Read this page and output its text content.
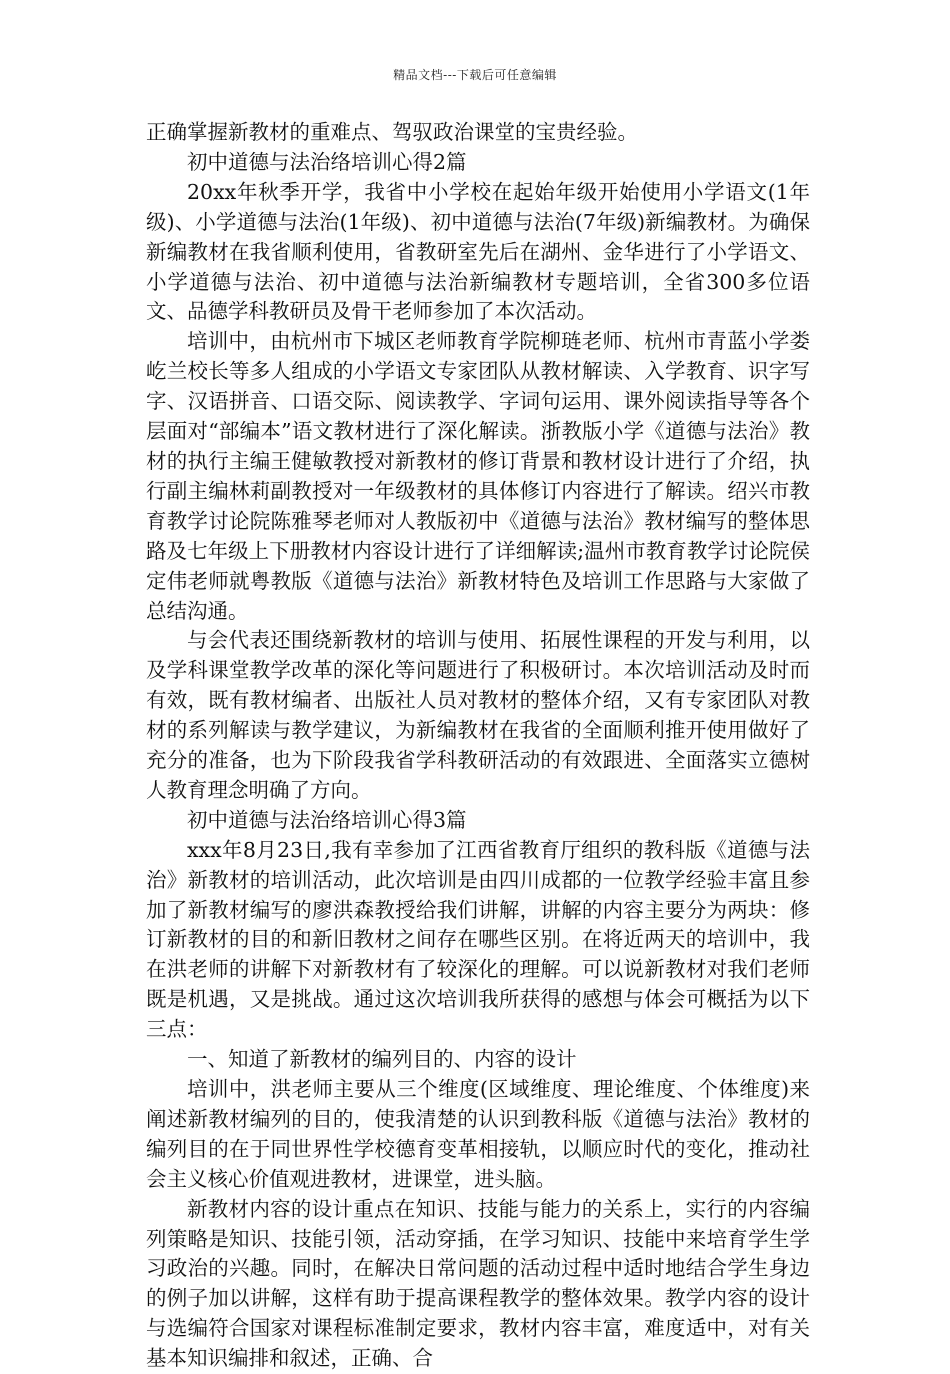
精品文档---下载后可任意编辑

正确掌握新教材的重难点、驾驭政治课堂的宝贵经验。

初中道德与法治络培训心得2篇

20xx年秋季开学，我省中小学校在起始年级开始使用小学语文(1年级)、小学道德与法治(1年级)、初中道德与法治(7年级)新编教材。为确保新编教材在我省顺利使用，省教研室先后在湖州、金华进行了小学语文、小学道德与法治、初中道德与法治新编教材专题培训，全省300多位语文、品德学科教研员及骨干老师参加了本次活动。

培训中，由杭州市下城区老师教育学院柳琏老师、杭州市青蓝小学娄屹兰校长等多人组成的小学语文专家团队从教材解读、入学教育、识字写字、汉语拼音、口语交际、阅读教学、字词句运用、课外阅读指导等各个层面对“部编本”语文教材进行了深化解读。浙教版小学《道德与法治》教材的执行主编王健敏教授对新教材的修订背景和教材设计进行了介绍，执行副主编林莉副教授对一年级教材的具体修订内容进行了解读。绍兴市教育教学讨论院陈雅琴老师对人教版初中《道德与法治》教材编写的整体思路及七年级上下册教材内容设计进行了详细解读;温州市教育教学讨论院侯定伟老师就粤教版《道德与法治》新教材特色及培训工作思路与大家做了总结沟通。

与会代表还围绕新教材的培训与使用、拓展性课程的开发与利用，以及学科课堂教学改革的深化等问题进行了积极研讨。本次培训活动及时而有效，既有教材编者、出版社人员对教材的整体介绍，又有专家团队对教材的系列解读与教学建议，为新编教材在我省的全面顺利推开使用做好了充分的准备，也为下阶段我省学科教研活动的有效跟进、全面落实立德树人教育理念明确了方向。

初中道德与法治络培训心得3篇

xxx年8月23日,我有幸参加了江西省教育厅组织的教科版《道德与法治》新教材的培训活动，此次培训是由四川成都的一位教学经验丰富且参加了新教材编写的廖洪森教授给我们讲解，讲解的内容主要分为两块：修订新教材的目的和新旧教材之间存在哪些区别。在将近两天的培训中，我在洪老师的讲解下对新教材有了较深化的理解。可以说新教材对我们老师既是机遇，又是挑战。通过这次培训我所获得的感想与体会可概括为以下三点：

一、知道了新教材的编列目的、内容的设计

培训中，洪老师主要从三个维度(区域维度、理论维度、个体维度)来阐述新教材编列的目的，使我清楚的认识到教科版《道德与法治》教材的编列目的在于同世界性学校德育变革相接轨，以顺应时代的变化，推动社会主义核心价值观进教材，进课堂，进头脑。

新教材内容的设计重点在知识、技能与能力的关系上，实行的内容编列策略是知识、技能引领，活动穿插，在学习知识、技能中来培育学生学习政治的兴趣。同时，在解决日常问题的活动过程中适时地结合学生身边的例子加以讲解，这样有助于提高课程教学的整体效果。教学内容的设计与选编符合国家对课程标准制定要求，教材内容丰富，难度适中，对有关基本知识编排和叙述，正确、合
